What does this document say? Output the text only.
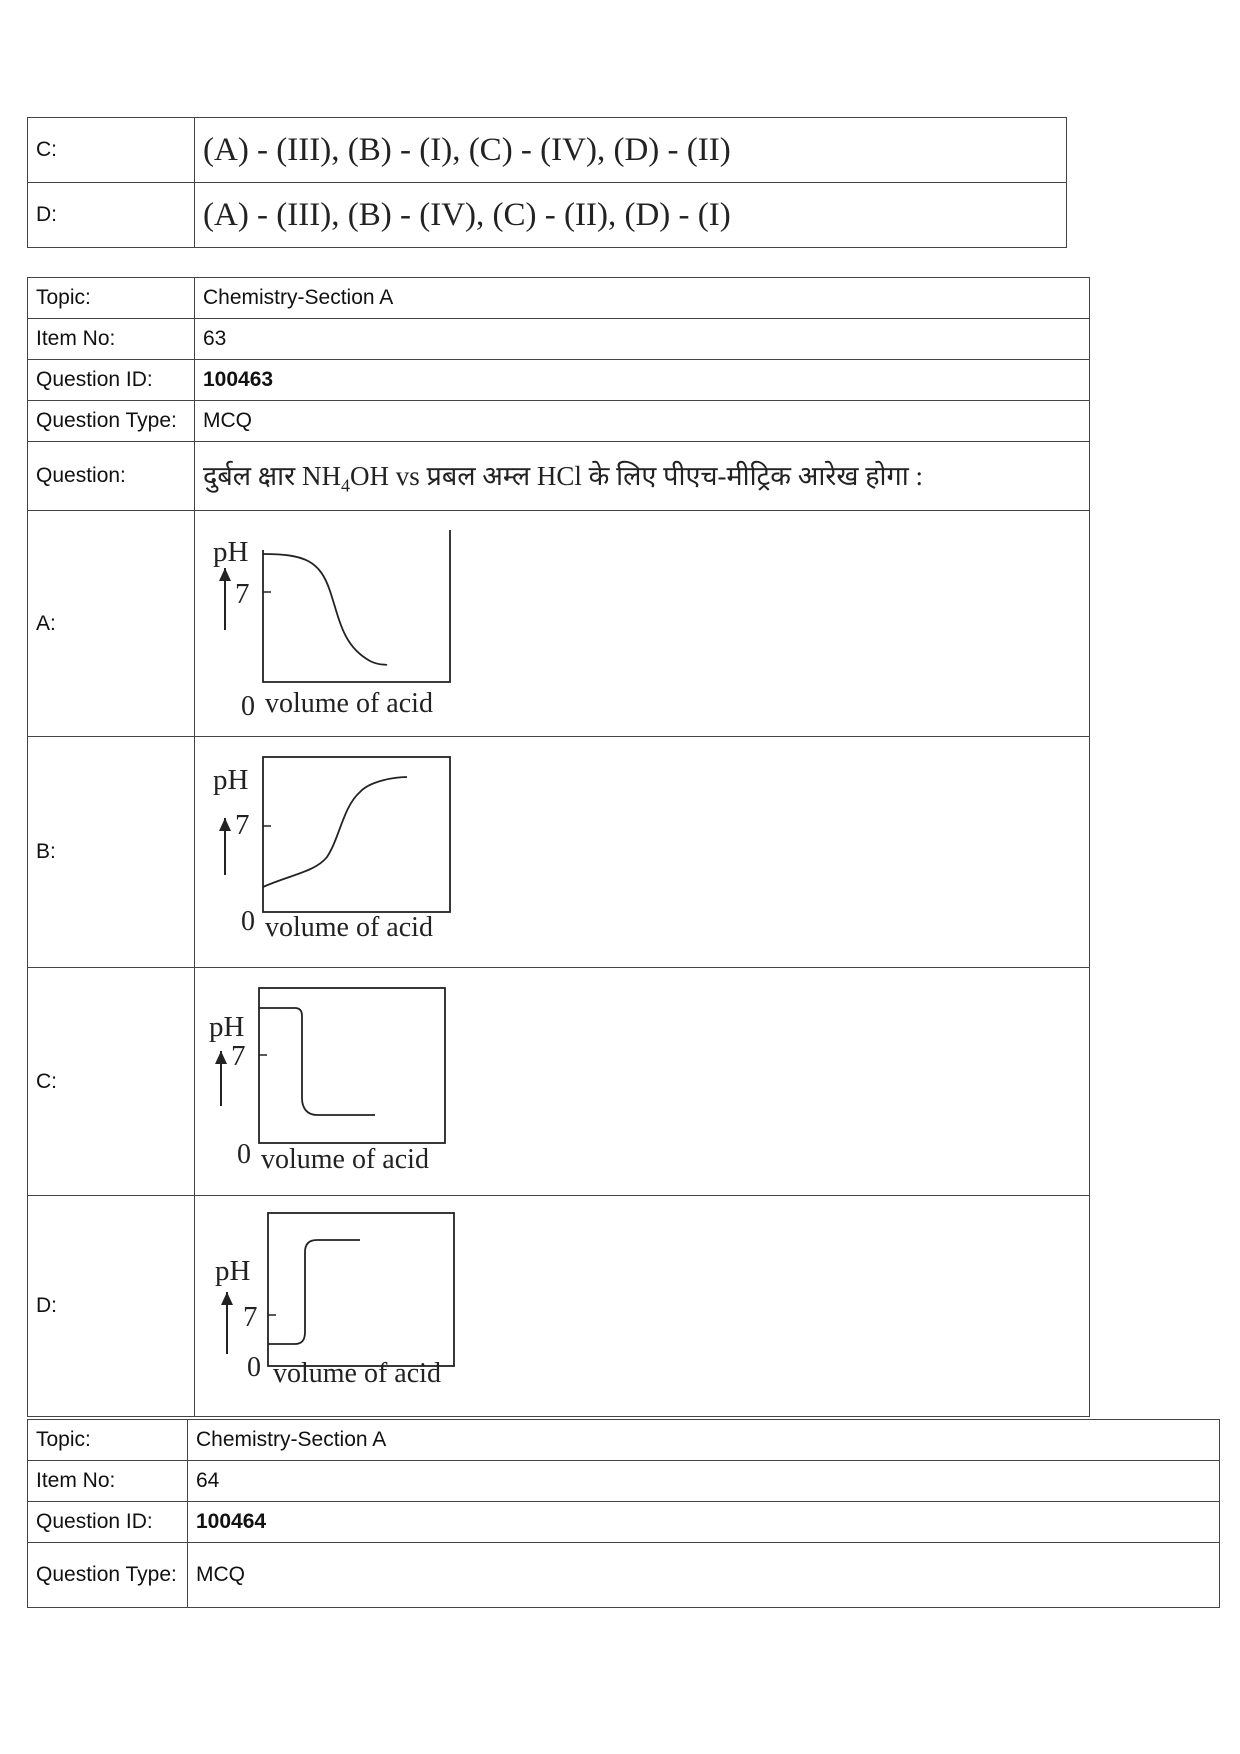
C:	(A) - (III), (B) - (I), (C) - (IV), (D) - (II)
D:	(A) - (III), (B) - (IV), (C) - (II), (D) - (I)
Topic:	Chemistry-Section A
Item No:	63
Question ID:	100463
Question Type:	MCQ
Question:	दुर्बल क्षार $NH_4OH$ vs प्रबल अम्ल HCl के लिए पीएच-मीट्रिक आरेख होगा :
A:	pH
7
0 volume of acid

B:	pH
7
0 volume of acid

C:	pH
7
0 volume of acid

D:	pH
7
0 volume of acid
Topic:	Chemistry-Section A
Item No:	64
Question ID:	100464
Question Type:	MCQ
